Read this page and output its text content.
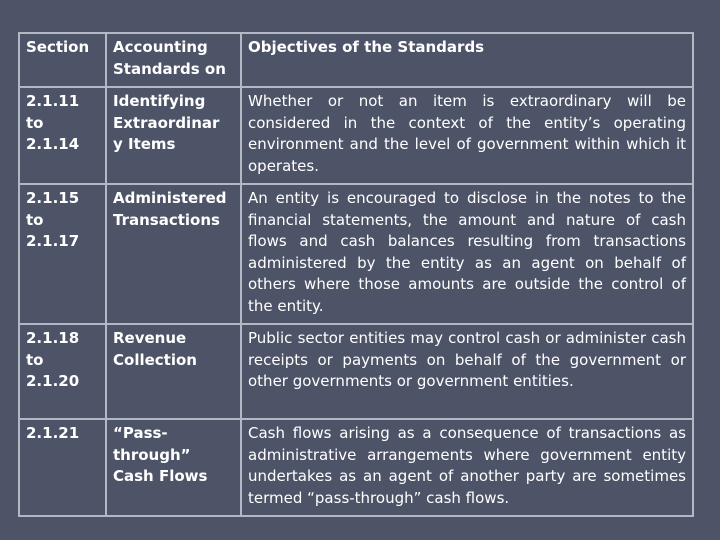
Section	Accounting Standards on	Objectives of the Standards
2.1.11 to 2.1.14	Identifying Extraordinar y Items	Whether or not an item is extraordinary will be considered in the context of the entity’s operating environment and the level of government within which it operates.
2.1.15 to 2.1.17	Administered Transactions	An entity is encouraged to disclose in the notes to the financial statements, the amount and nature of cash flows and cash balances resulting from transactions administered by the entity as an agent on behalf of others where those amounts are outside the control of the entity.
2.1.18 to 2.1.20	Revenue Collection	Public sector entities may control cash or administer cash receipts or payments on behalf of the government or other governments or government entities.
2.1.21	“Pass-through” Cash Flows	Cash flows arising as a consequence of transactions as administrative arrangements where government entity undertakes as an agent of another party are sometimes termed “pass-through” cash flows.
